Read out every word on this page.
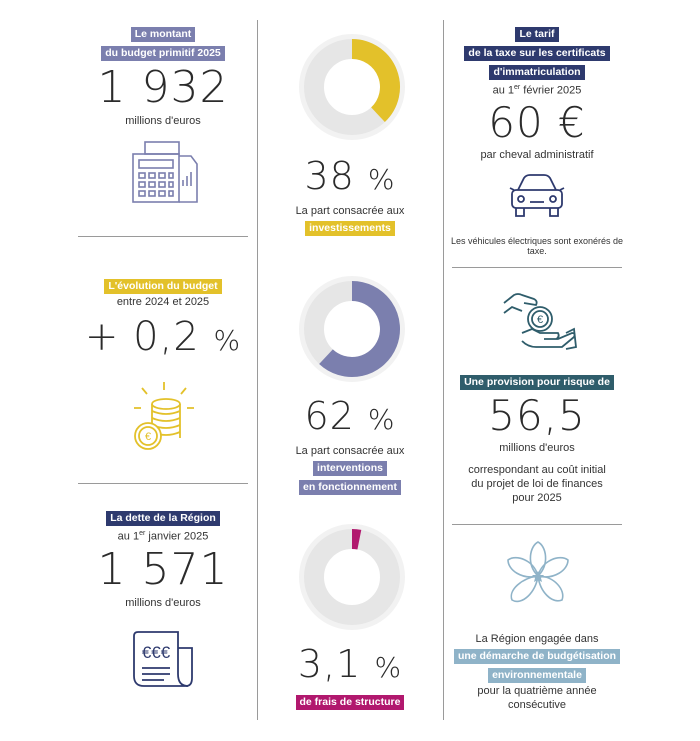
Le montant
du budget primitif 2025
1 932
millions d'euros
L'évolution du budget
entre 2024 et 2025
+ 0,2 %
€
La dette de la Région
au 1er janvier 2025
1 571
millions d'euros
€€€
38 %
La part consacrée aux
investissements
62 %
La part consacrée aux
interventions
en fonctionnement
3,1 %
de frais de structure
Le tarif
de la taxe sur les certificats
d'immatriculation
au 1er février 2025
60 €
par cheval administratif
Les véhicules électriques sont exonérés de taxe.
€
Une provision pour risque de
56,5
millions d'euros
correspondant au coût initial
du projet de loi de finances
pour 2025
La Région engagée dans
une démarche de budgétisation
environnementale
pour la quatrième année
consécutive
